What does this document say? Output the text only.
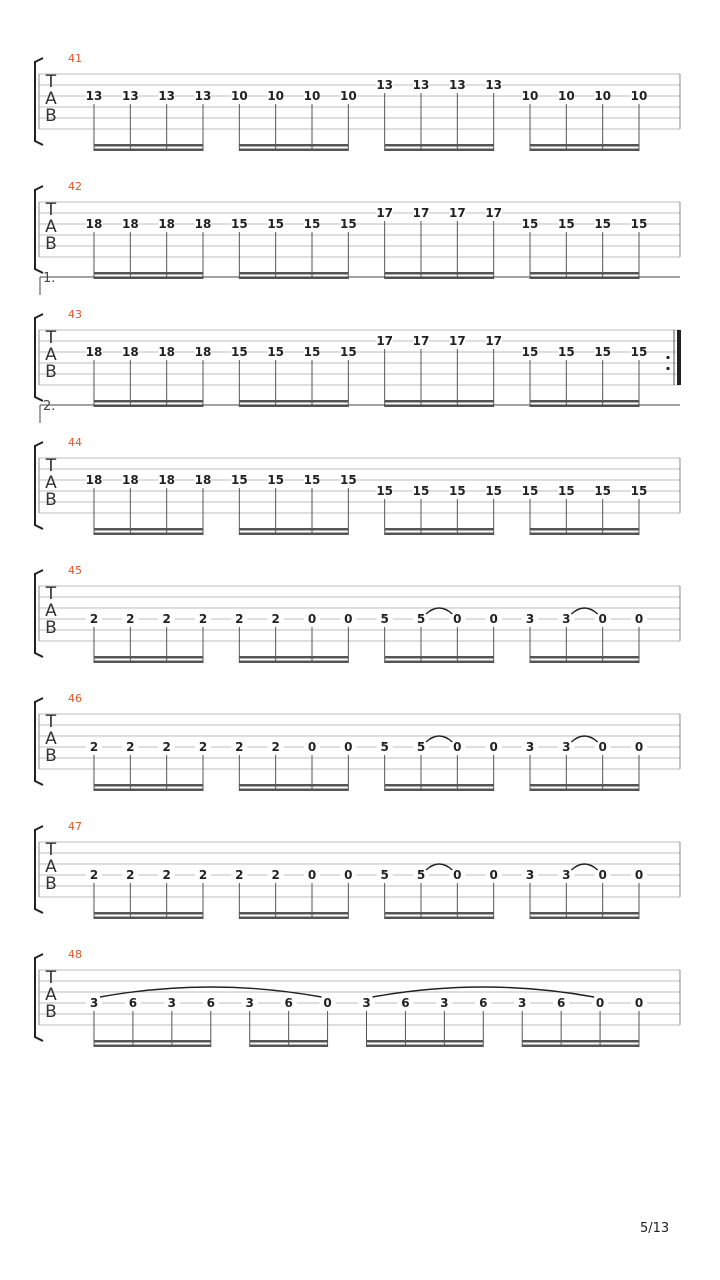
T
A
B
41
13 13 13 13 10 10 10 10
13 13 13 13
10 10 10 10
T
A
B
42
18 18 18 18 15 15 15 15
17 17 17 17
15 15 15 15
T
A
B
43
18 18 18 18 15 15 15 15
17 17 17 17
15 15 15 15
T
A
B
44
18 18 18 18 15 15 15 15
15 15 15 15 15 15 15 15
T
A
B
45
2 2 2 2 2 2 0 0 5 5 0 0 3 3 0 0
T
A
B
46
2 2 2 2 2 2 0 0 5 5 0 0 3 3 0 0
T
A
B
47
2 2 2 2 2 2 0 0 5 5 0 0 3 3 0 0
T
A
B
48
3	6	3	6	3	6	0	3	6	3	6	3	6	0	0
1.
2.
5/13
